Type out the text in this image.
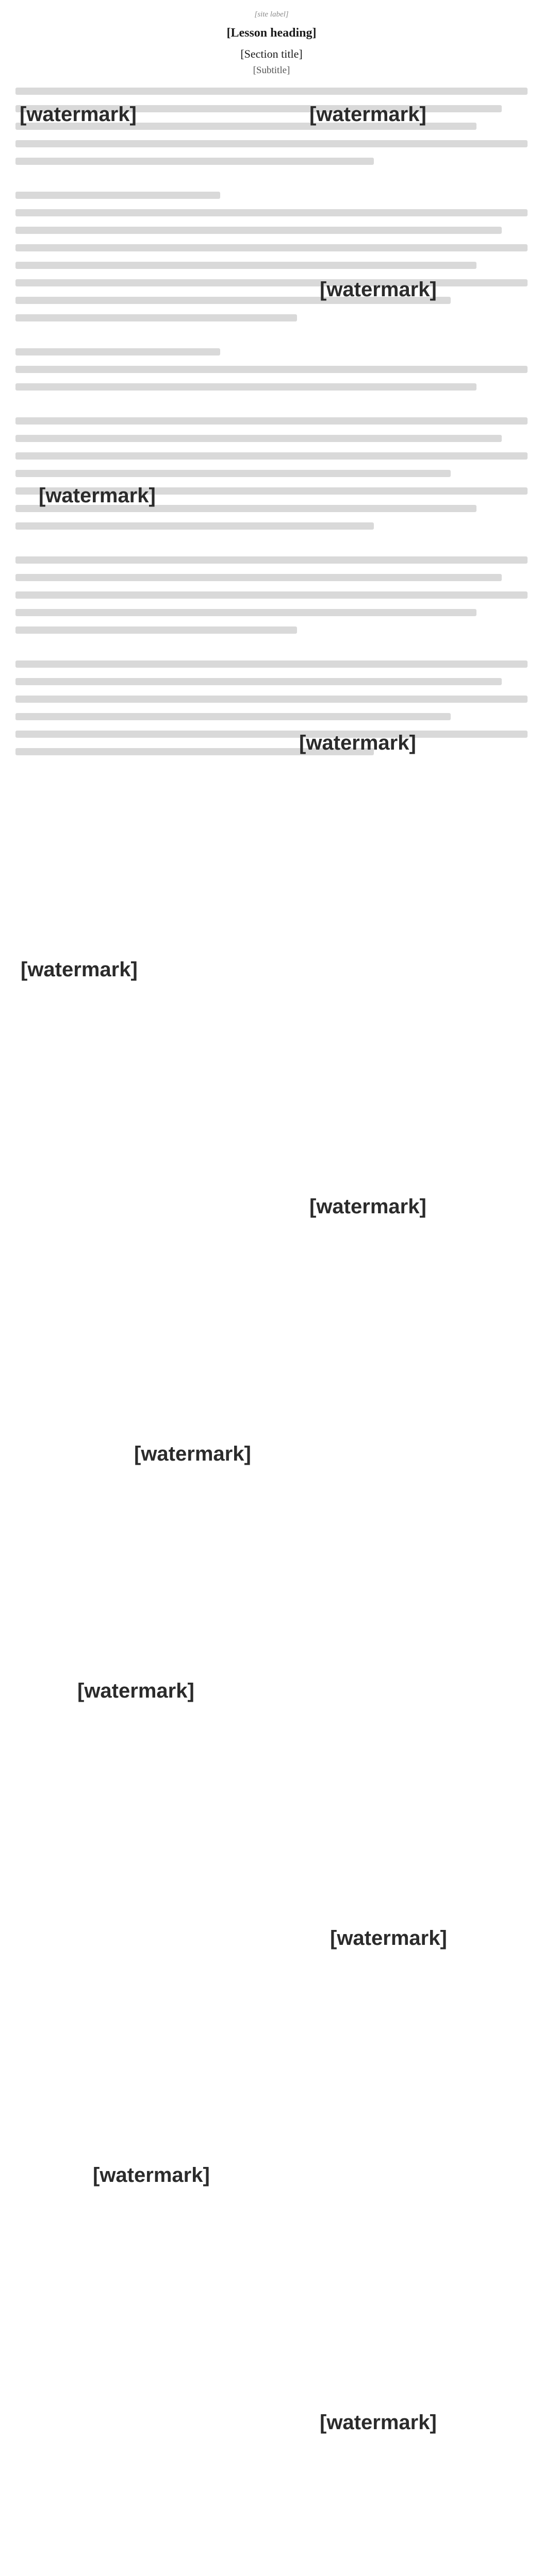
[site label]
[Lesson heading]
[Section title]
[Subtitle]
[watermark]	[watermark]
[watermark]
[watermark]
[watermark]
[watermark]
[watermark]
[watermark]
[watermark]
[watermark]
[watermark]
[watermark]
